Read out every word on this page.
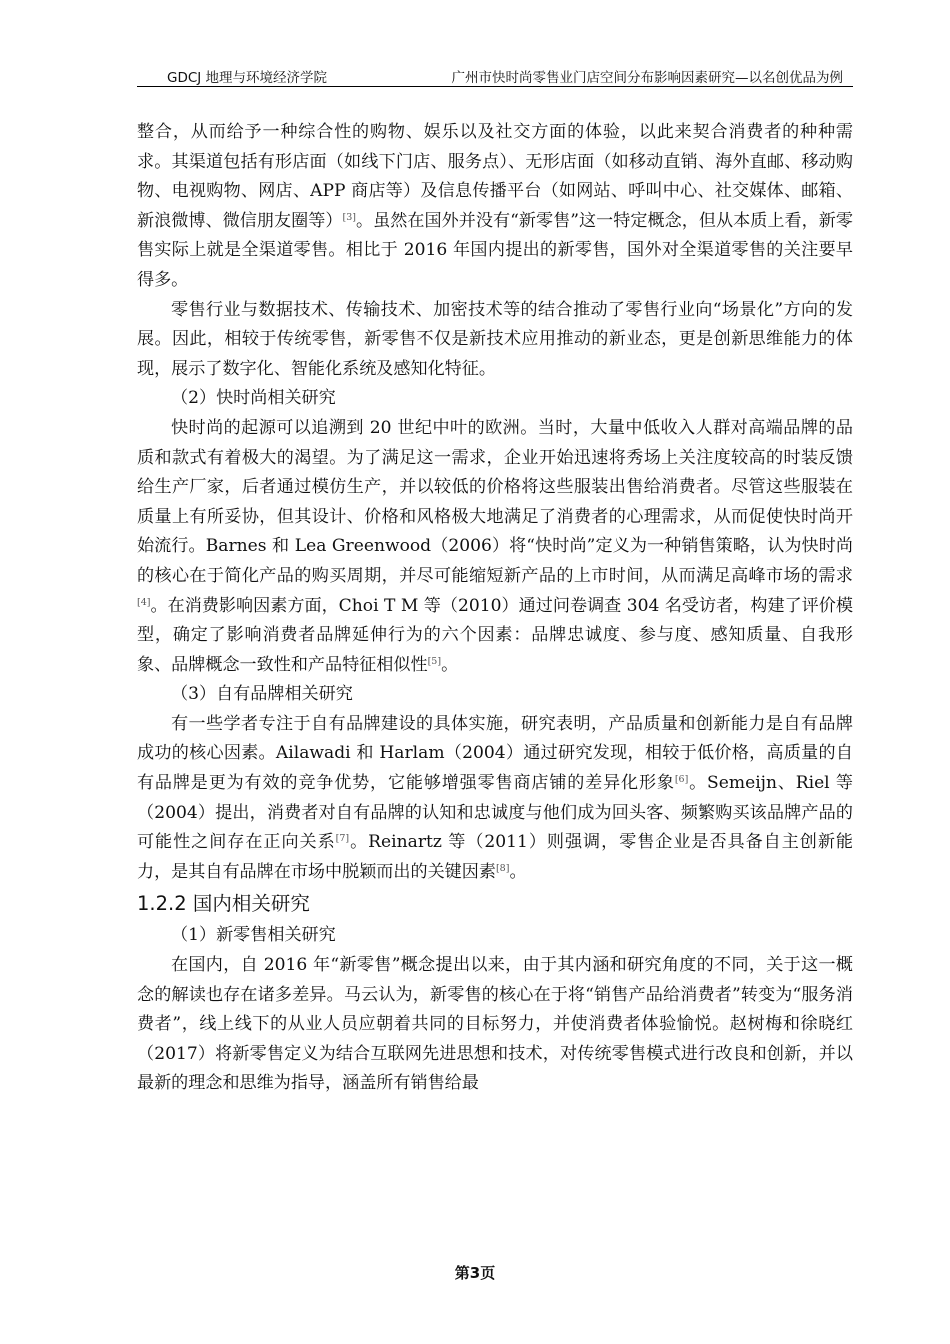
GDCJ 地理与环境经济学院	广州市快时尚零售业门店空间分布影响因素研究—以名创优品为例

整合，从而给予一种综合性的购物、娱乐以及社交方面的体验，以此来契合消费者的种种需求。其渠道包括有形店面（如线下门店、服务点）、无形店面（如移动直销、海外直邮、移动购物、电视购物、网店、APP 商店等）及信息传播平台（如网站、呼叫中心、社交媒体、邮箱、新浪微博、微信朋友圈等）[3]。虽然在国外并没有“新零售”这一特定概念，但从本质上看，新零售实际上就是全渠道零售。相比于 2016 年国内提出的新零售，国外对全渠道零售的关注要早得多。

零售行业与数据技术、传输技术、加密技术等的结合推动了零售行业向“场景化”方向的发展。因此，相较于传统零售，新零售不仅是新技术应用推动的新业态，更是创新思维能力的体现，展示了数字化、智能化系统及感知化特征。

（2）快时尚相关研究

快时尚的起源可以追溯到 20 世纪中叶的欧洲。当时，大量中低收入人群对高端品牌的品质和款式有着极大的渴望。为了满足这一需求，企业开始迅速将秀场上关注度较高的时装反馈给生产厂家，后者通过模仿生产，并以较低的价格将这些服装出售给消费者。尽管这些服装在质量上有所妥协，但其设计、价格和风格极大地满足了消费者的心理需求，从而促使快时尚开始流行。Barnes 和 Lea Greenwood（2006）将“快时尚”定义为一种销售策略，认为快时尚的核心在于简化产品的购买周期，并尽可能缩短新产品的上市时间，从而满足高峰市场的需求[4]。在消费影响因素方面，Choi T M 等（2010）通过问卷调查 304 名受访者，构建了评价模型，确定了影响消费者品牌延伸行为的六个因素：品牌忠诚度、参与度、感知质量、自我形象、品牌概念一致性和产品特征相似性[5]。

（3）自有品牌相关研究

有一些学者专注于自有品牌建设的具体实施，研究表明，产品质量和创新能力是自有品牌成功的核心因素。Ailawadi 和 Harlam（2004）通过研究发现，相较于低价格，高质量的自有品牌是更为有效的竞争优势，它能够增强零售商店铺的差异化形象[6]。Semeijn、Riel 等（2004）提出，消费者对自有品牌的认知和忠诚度与他们成为回头客、频繁购买该品牌产品的可能性之间存在正向关系[7]。Reinartz 等（2011）则强调，零售企业是否具备自主创新能力，是其自有品牌在市场中脱颖而出的关键因素[8]。

1.2.2 国内相关研究

（1）新零售相关研究

在国内，自 2016 年“新零售”概念提出以来，由于其内涵和研究角度的不同，关于这一概念的解读也存在诸多差异。马云认为，新零售的核心在于将“销售产品给消费者”转变为“服务消费者”，线上线下的从业人员应朝着共同的目标努力，并使消费者体验愉悦。赵树梅和徐晓红（2017）将新零售定义为结合互联网先进思想和技术，对传统零售模式进行改良和创新，并以最新的理念和思维为指导，涵盖所有销售给最

第3页
